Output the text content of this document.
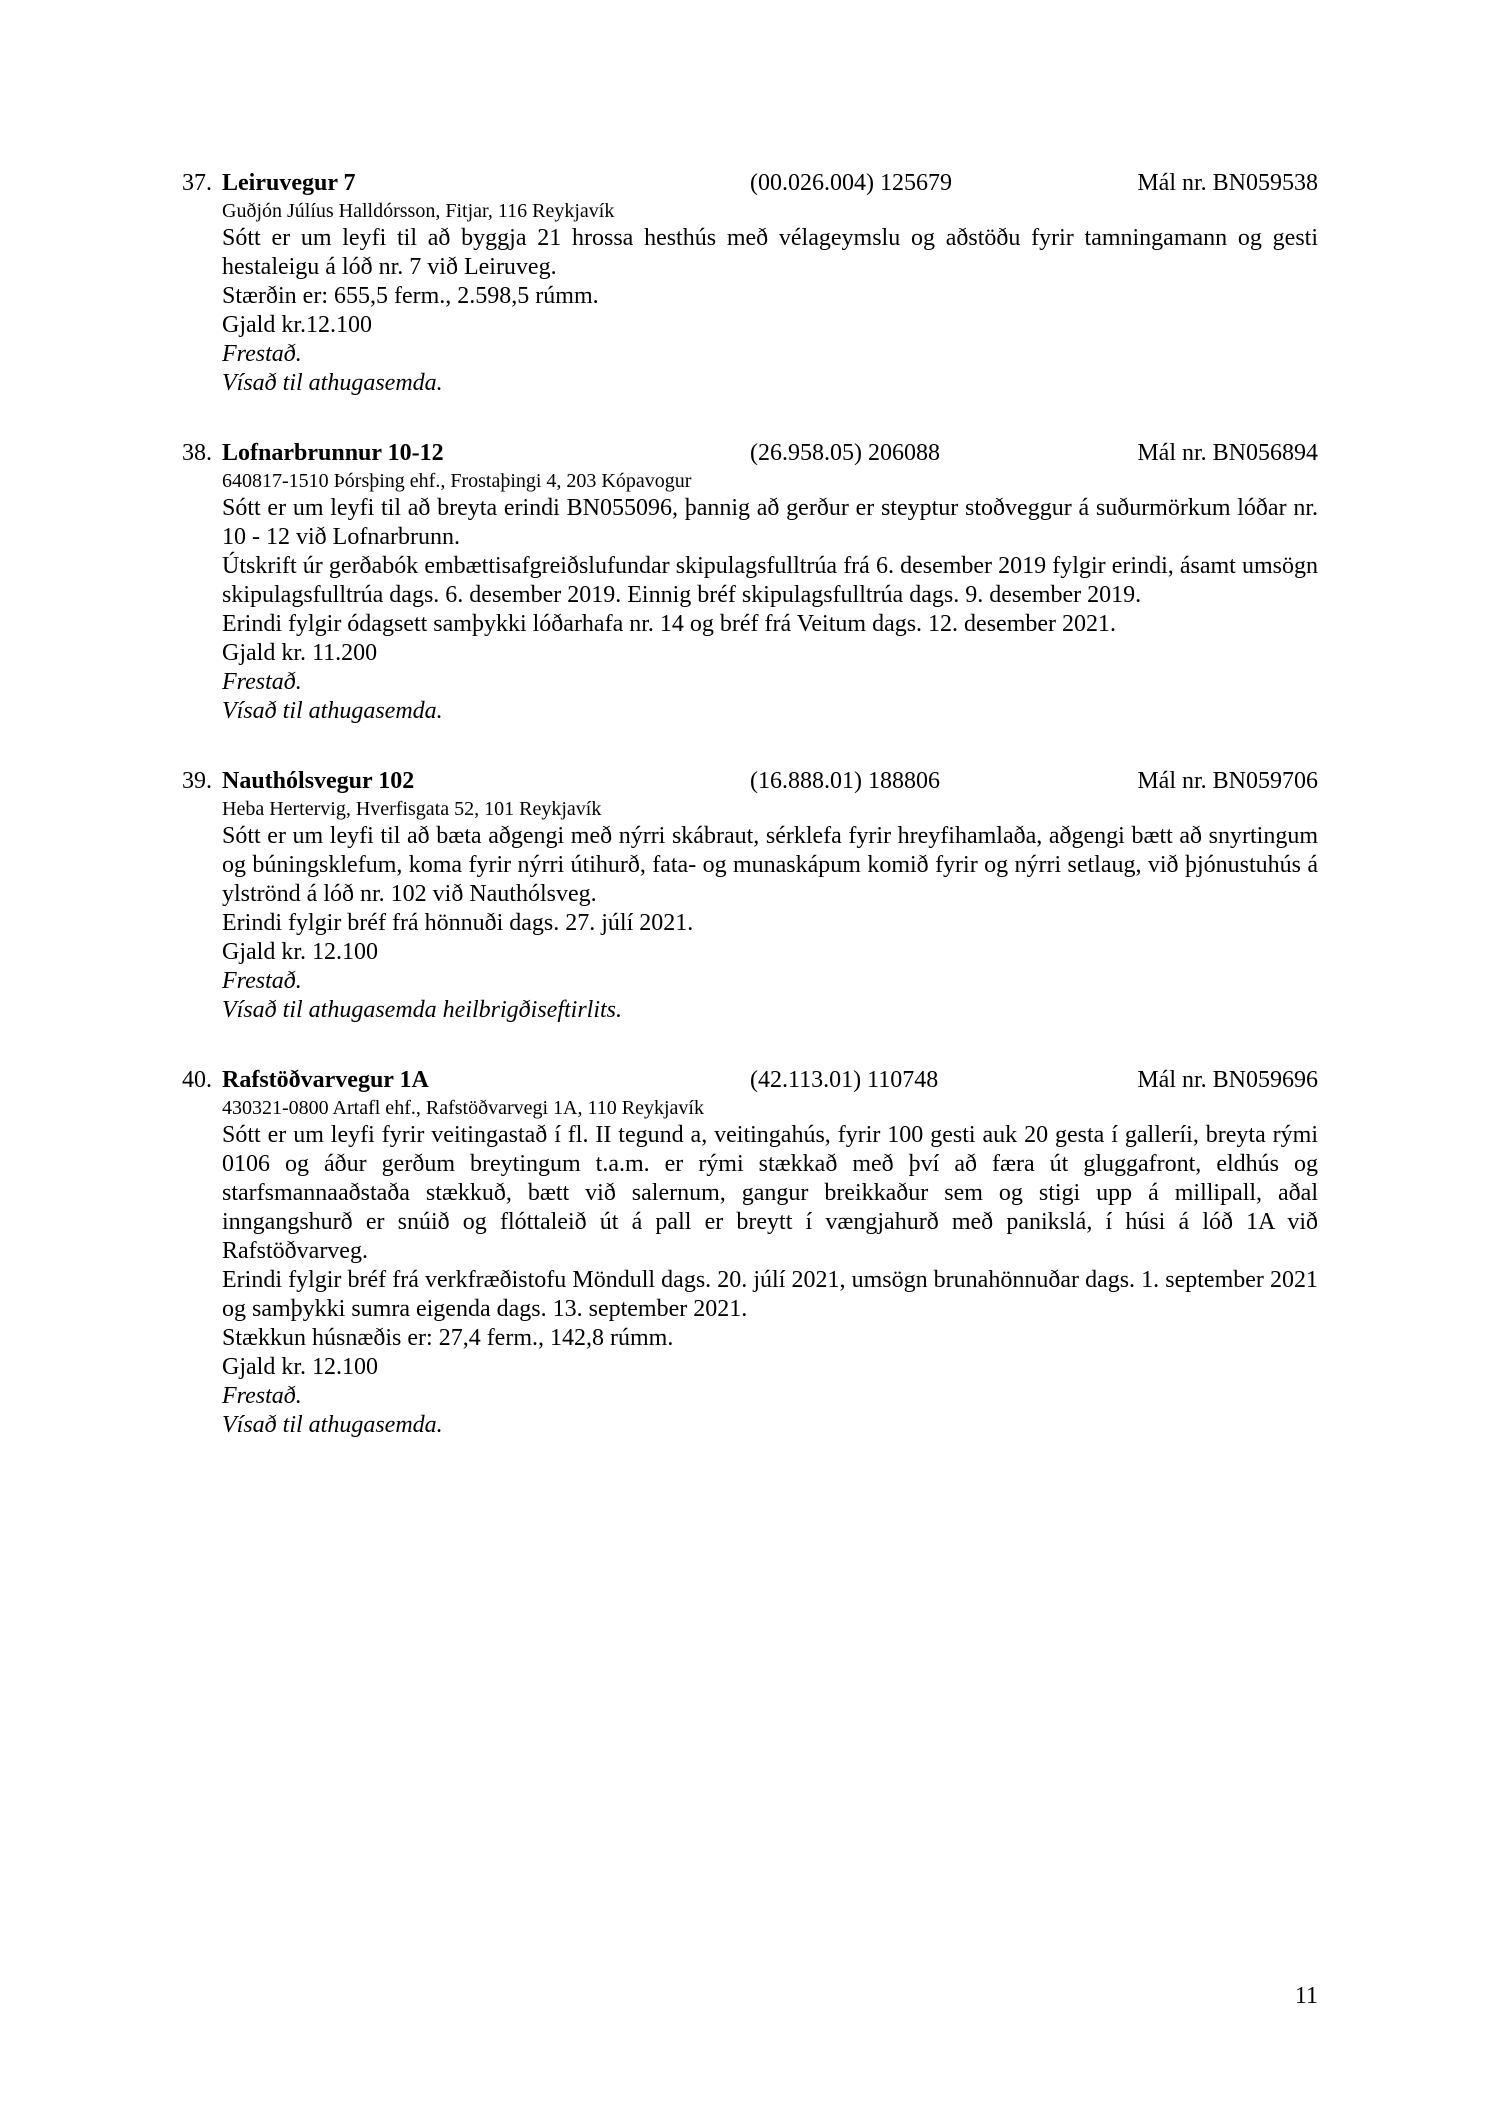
37. Leiruvegur 7	(00.026.004) 125679	Mál nr. BN059538
Guðjón Júlíus Halldórsson, Fitjar, 116 Reykjavík

Sótt er um leyfi til að byggja 21 hrossa hesthús með vélageymslu og aðstöðu fyrir tamningamann og gesti hestaleigu á lóð nr. 7 við Leiruveg.

Stærðin er: 655,5 ferm., 2.598,5 rúmm.

Gjald kr.12.100

Frestað.

Vísað til athugasemda.

38. Lofnarbrunnur 10-12	(26.958.05) 206088	Mál nr. BN056894
640817-1510 Þórsþing ehf., Frostaþingi 4, 203 Kópavogur

Sótt er um leyfi til að breyta erindi BN055096, þannig að gerður er steyptur stoðveggur á suðurmörkum lóðar nr. 10 - 12 við Lofnarbrunn.

Útskrift úr gerðabók embættisafgreiðslufundar skipulagsfulltrúa frá 6. desember 2019 fylgir erindi, ásamt umsögn skipulagsfulltrúa dags. 6. desember 2019. Einnig bréf skipulagsfulltrúa dags. 9. desember 2019.

Erindi fylgir ódagsett samþykki lóðarhafa nr. 14 og bréf frá Veitum dags. 12. desember 2021.

Gjald kr. 11.200

Frestað.

Vísað til athugasemda.

39. Nauthólsvegur 102	(16.888.01) 188806	Mál nr. BN059706
Heba Hertervig, Hverfisgata 52, 101 Reykjavík

Sótt er um leyfi til að bæta aðgengi með nýrri skábraut, sérklefa fyrir hreyfihamlaða, aðgengi bætt að snyrtingum og búningsklefum, koma fyrir nýrri útihurð, fata- og munaskápum komið fyrir og nýrri setlaug, við þjónustuhús á ylströnd á lóð nr. 102 við Nauthólsveg.

Erindi fylgir bréf frá hönnuði dags. 27. júlí 2021.

Gjald kr. 12.100

Frestað.

Vísað til athugasemda heilbrigðiseftirlits.

40. Rafstöðvarvegur 1A	(42.113.01) 110748	Mál nr. BN059696
430321-0800 Artafl ehf., Rafstöðvarvegi 1A, 110 Reykjavík

Sótt er um leyfi fyrir veitingastað í fl. II tegund a, veitingahús, fyrir 100 gesti auk 20 gesta í galleríi, breyta rými 0106 og áður gerðum breytingum t.a.m. er rými stækkað með því að færa út gluggafront, eldhús og starfsmannaaðstaða stækkuð, bætt við salernum, gangur breikkaður sem og stigi upp á millipall, aðal inngangshurð er snúið og flóttaleið út á pall er breytt í vængjahurð með panikslá, í húsi á lóð 1A við Rafstöðvarveg.

Erindi fylgir bréf frá verkfræðistofu Möndull dags. 20. júlí 2021, umsögn brunahönnuðar dags. 1. september 2021 og samþykki sumra eigenda dags. 13. september 2021.

Stækkun húsnæðis er: 27,4 ferm., 142,8 rúmm.

Gjald kr. 12.100

Frestað.

Vísað til athugasemda.

11
